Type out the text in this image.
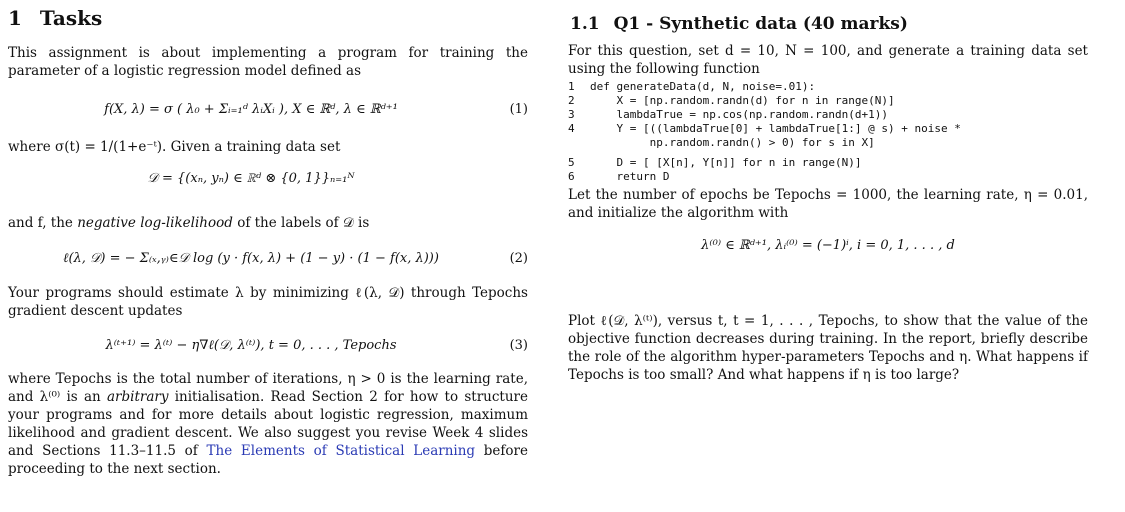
1 Tasks

This assignment is about implementing a program for training the parameter of a logistic regression model defined as

f(X, λ) = σ ( λ₀ + Σᵢ₌₁ᵈ λᵢXᵢ ), X ∈ ℝᵈ, λ ∈ ℝᵈ⁺¹	(1)

where σ(t) = 1/(1+e⁻ᵗ). Given a training data set

𝒟 = {(xₙ, yₙ) ∈ ℝᵈ ⊗ {0, 1}}ₙ₌₁ᴺ

and f, the negative log-likelihood of the labels of 𝒟 is

ℓ(λ, 𝒟) = − Σ₍ₓ,ᵧ₎∈𝒟 log (y · f(x, λ) + (1 − y) · (1 − f(x, λ)))	(2)

Your programs should estimate λ by minimizing ℓ(λ, 𝒟) through Tepochs gradient descent updates

λ⁽ᵗ⁺¹⁾ = λ⁽ᵗ⁾ − η∇ℓ(𝒟, λ⁽ᵗ⁾), t = 0, . . . , Tepochs	(3)

where Tepochs is the total number of iterations, η > 0 is the learning rate, and λ⁽⁰⁾ is an arbitrary initialisation. Read Section 2 for how to structure your programs and for more details about logistic regression, maximum likelihood and gradient descent. We also suggest you revise Week 4 slides and Sections 11.3–11.5 of The Elements of Statistical Learning before proceeding to the next section.

1.1 Q1 - Synthetic data (40 marks)

For this question, set d = 10, N = 100, and generate a training data set using the following function

1	def generateData(d, N, noise=.01):
2	X = [np.random.randn(d) for n in range(N)]
3	lambdaTrue = np.cos(np.random.randn(d+1))
4	Y = [((lambdaTrue[0] + lambdaTrue[1:] @ s) + noise *
np.random.randn() > 0) for s in X]
5	D = [ [X[n], Y[n]] for n in range(N)]
6	return D

Let the number of epochs be Tepochs = 1000, the learning rate, η = 0.01, and initialize the algorithm with

λ⁽⁰⁾ ∈ ℝᵈ⁺¹, λᵢ⁽⁰⁾ = (−1)ⁱ, i = 0, 1, . . . , d

Plot ℓ(𝒟, λ⁽ᵗ⁾), versus t, t = 1, . . . , Tepochs, to show that the value of the objective function decreases during training. In the report, briefly describe the role of the algorithm hyper-parameters Tepochs and η. What happens if Tepochs is too small? And what happens if η is too large?
